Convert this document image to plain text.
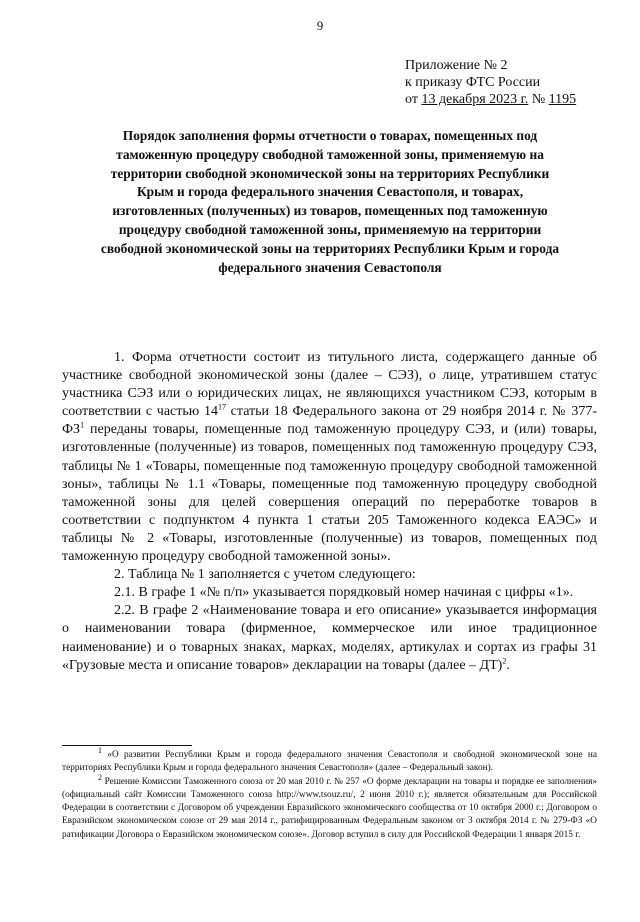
9
Приложение № 2
к приказу ФТС России
от 13 декабря 2023 г. № 1195
Порядок заполнения формы отчетности о товарах, помещенных под таможенную процедуру свободной таможенной зоны, применяемую на территории свободной экономической зоны на территориях Республики Крым и города федерального значения Севастополя, и товарах, изготовленных (полученных) из товаров, помещенных под таможенную процедуру свободной таможенной зоны, применяемую на территории свободной экономической зоны на территориях Республики Крым и города федерального значения Севастополя

1. Форма отчетности состоит из титульного листа, содержащего данные об участнике свободной экономической зоны (далее – СЭЗ), о лице, утратившем статус участника СЭЗ или о юридических лицах, не являющихся участником СЭЗ, которым в соответствии с частью $14^{17}$ статьи 18 Федерального закона от 29 ноября 2014 г. № $377-ФЗ^1$ переданы товары, помещенные под таможенную процедуру СЭЗ, и (или) товары, изготовленные (полученные) из товаров, помещенных под таможенную процедуру СЭЗ, таблицы № 1 «Товары, помещенные под таможенную процедуру свободной таможенной зоны», таблицы № 1.1 «Товары, помещенные под таможенную процедуру свободной таможенной зоны для целей совершения операций по переработке товаров в соответствии с подпунктом 4 пункта 1 статьи 205 Таможенного кодекса ЕАЭС» и таблицы № 2 «Товары, изготовленные (полученные) из товаров, помещенных под таможенную процедуру свободной таможенной зоны».

2. Таблица № 1 заполняется с учетом следующего:

2.1. В графе 1 «№ п/п» указывается порядковый номер начиная с цифры «1».

2.2. В графе 2 «Наименование товара и его описание» указывается информация о наименовании товара (фирменное, коммерческое или иное традиционное наименование) и о товарных знаках, марках, моделях, артикулах и сортах из графы 31 «Грузовые места и описание товаров» декларации на товары (далее – ДТ)$^2$.

$^1$ «О развитии Республики Крым и города федерального значения Севастополя и свободной экономической зоне на территориях Республики Крым и города федерального значения Севастополя» (далее – Федеральный закон).

$^2$ Решение Комиссии Таможенного союза от 20 мая 2010 г. № 257 «О форме декларации на товары и порядке ее заполнения» (официальный сайт Комиссии Таможенного союза http://www.tsouz.ru/, 2 июня 2010 г.); является обязательным для Российской Федерации в соответствии с Договором об учреждении Евразийского экономического сообщества от 10 октября 2000 г.; Договором о Евразийском экономическом союзе от 29 мая 2014 г., ратифицированным Федеральным законом от 3 октября 2014 г. № 279-ФЗ «О ратификации Договора о Евразийском экономическом союзе». Договор вступил в силу для Российской Федерации 1 января 2015 г.
